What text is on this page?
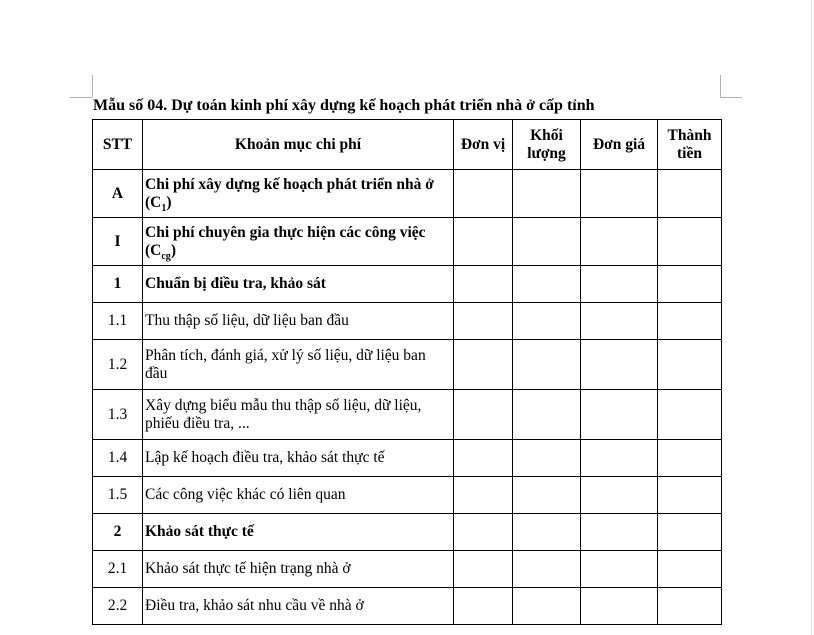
Mẫu số 04. Dự toán kinh phí xây dựng kế hoạch phát triển nhà ở cấp tỉnh
STT	Khoản mục chi phí	Đơn vị	Khối lượng	Đơn giá	Thành tiền
A	Chi phí xây dựng kế hoạch phát triển nhà ở $(C_1)$				
I	Chi phí chuyên gia thực hiện các công việc $(C_{cg})$				
1	Chuẩn bị điều tra, khảo sát				
1.1	Thu thập số liệu, dữ liệu ban đầu				
1.2	Phân tích, đánh giá, xử lý số liệu, dữ liệu ban đầu				
1.3	Xây dựng biểu mẫu thu thập số liệu, dữ liệu, phiếu điều tra, ...				
1.4	Lập kế hoạch điều tra, khảo sát thực tế				
1.5	Các công việc khác có liên quan				
2	Khảo sát thực tế				
2.1	Khảo sát thực tế hiện trạng nhà ở				
2.2	Điều tra, khảo sát nhu cầu về nhà ở				
